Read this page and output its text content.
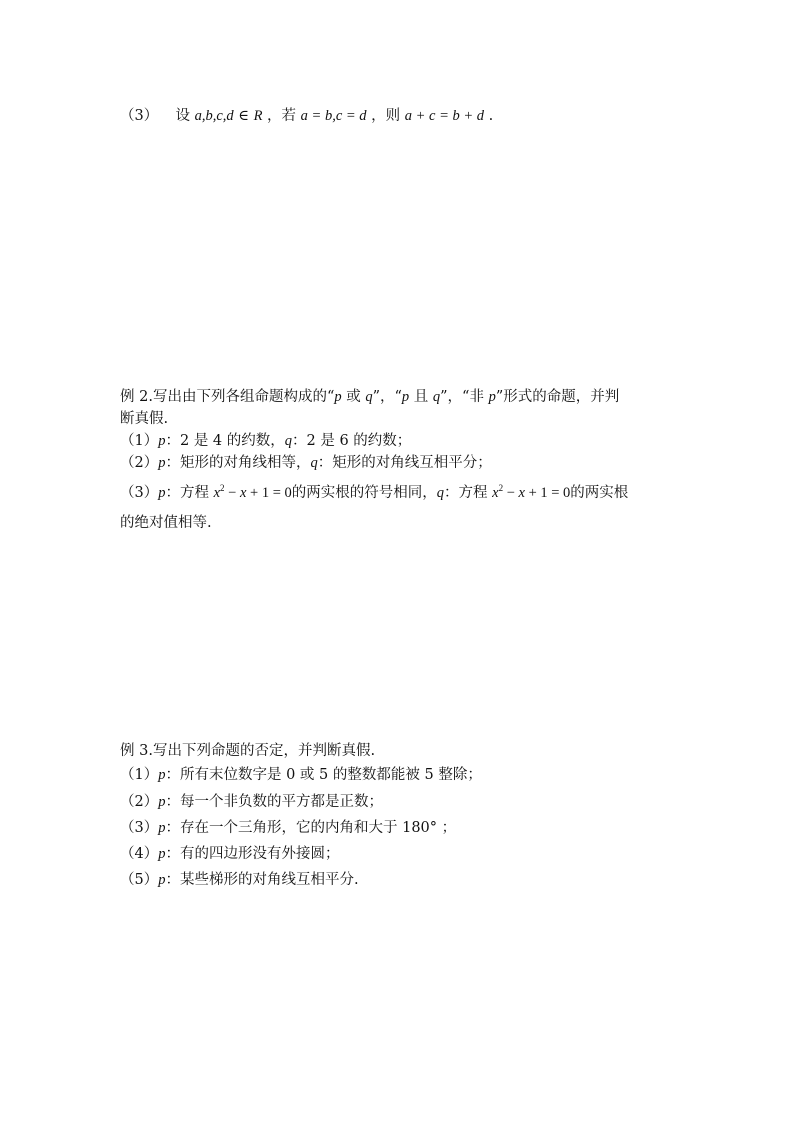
（3） 设 a,b,c,d ∈ R ，若 a = b,c = d ，则 a + c = b + d .
例 2.写出由下列各组命题构成的“p 或 q”，“p 且 q”，“非 p”形式的命题，并判
断真假.
（1）p：2 是 4 的约数，q：2 是 6 的约数；
（2）p：矩形的对角线相等，q：矩形的对角线互相平分；
（3）p：方程 $x^2 - x + 1 = 0$的两实根的符号相同，q：方程 $x^2 - x + 1 = 0$的两实根
的绝对值相等.
例 3.写出下列命题的否定，并判断真假.
（1）p：所有末位数字是 0 或 5 的整数都能被 5 整除；
（2）p：每一个非负数的平方都是正数；
（3）p：存在一个三角形，它的内角和大于 180° ；
（4）p：有的四边形没有外接圆；
（5）p：某些梯形的对角线互相平分.
